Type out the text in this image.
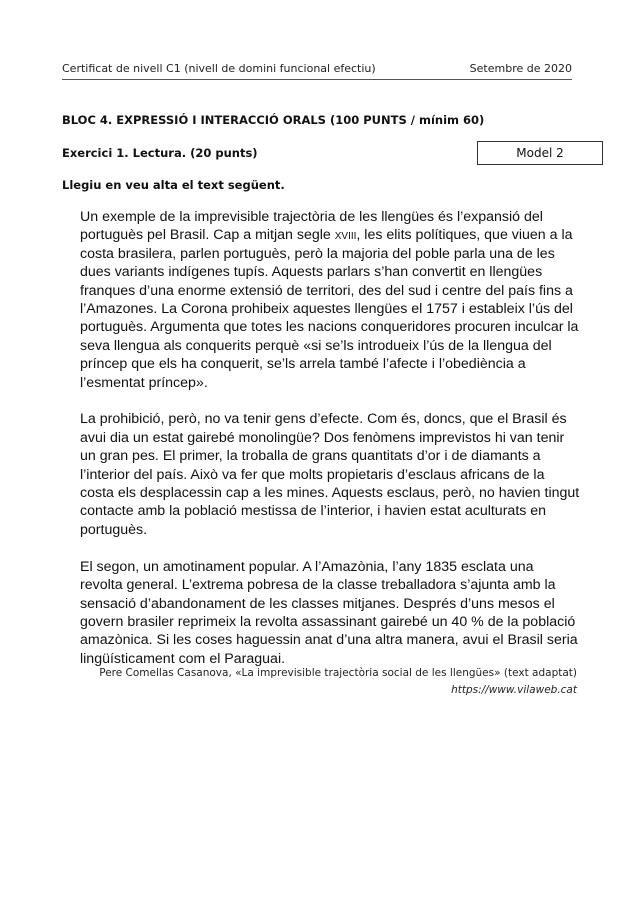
Certificat de nivell C1 (nivell de domini funcional efectiu)	Setembre de 2020
BLOC 4. EXPRESSIÓ I INTERACCIÓ ORALS (100 PUNTS / mínim 60)
Exercici 1. Lectura. (20 punts)	Model 2
Llegiu en veu alta el text següent.

Un exemple de la imprevisible trajectòria de les llengües és l’expansió del portuguès pel Brasil. Cap a mitjan segle xviii, les elits polítiques, que viuen a la costa brasilera, parlen portuguès, però la majoria del poble parla una de les dues variants indígenes tupís. Aquests parlars s’han convertit en llengües franques d’una enorme extensió de territori, des del sud i centre del país fins a l’Amazones. La Corona prohibeix aquestes llengües el 1757 i estableix l’ús del portuguès. Argumenta que totes les nacions conqueridores procuren inculcar la seva llengua als conquerits perquè «si se’ls introdueix l’ús de la llengua del príncep que els ha conquerit, se’ls arrela també l’afecte i l’obediència a l’esmentat príncep».

La prohibició, però, no va tenir gens d’efecte. Com és, doncs, que el Brasil és avui dia un estat gairebé monolingüe? Dos fenòmens imprevistos hi van tenir un gran pes. El primer, la troballa de grans quantitats d’or i de diamants a l’interior del país. Això va fer que molts propietaris d’esclaus africans de la costa els desplacessin cap a les mines. Aquests esclaus, però, no havien tingut contacte amb la població mestissa de l’interior, i havien estat aculturats en portuguès.

El segon, un amotinament popular. A l’Amazònia, l’any 1835 esclata una revolta general. L’extrema pobresa de la classe treballadora s’ajunta amb la sensació d’abandonament de les classes mitjanes. Després d’uns mesos el govern brasiler reprimeix la revolta assassinant gairebé un 40 % de la població amazònica. Si les coses haguessin anat d’una altra manera, avui el Brasil seria lingüísticament com el Paraguai.

Pere Comellas Casanova, «La imprevisible trajectòria social de les llengües» (text adaptat)
https://www.vilaweb.cat
